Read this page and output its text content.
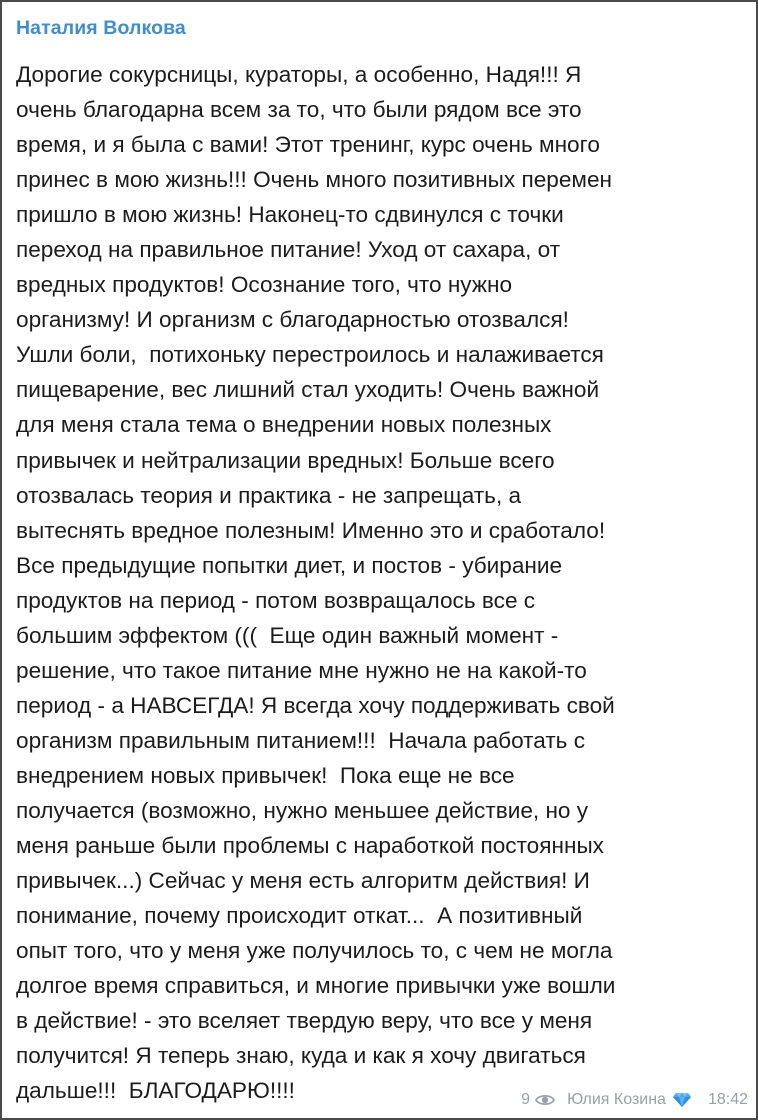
Наталия Волкова
Дорогие сокурсницы, кураторы, а особенно, Надя!!! Я
очень благодарна всем за то, что были рядом все это
время, и я была с вами! Этот тренинг, курс очень много
принес в мою жизнь!!! Очень много позитивных перемен
пришло в мою жизнь! Наконец-то сдвинулся с точки
переход на правильное питание! Уход от сахара, от
вредных продуктов! Осознание того, что нужно
организму! И организм с благодарностью отозвался!
Ушли боли,  потихоньку перестроилось и налаживается
пищеварение, вес лишний стал уходить! Очень важной
для меня стала тема о внедрении новых полезных
привычек и нейтрализации вредных! Больше всего
отозвалась теория и практика - не запрещать, а
вытеснять вредное полезным! Именно это и сработало!
Все предыдущие попытки диет, и постов - убирание
продуктов на период - потом возвращалось все с
большим эффектом (((  Еще один важный момент -
решение, что такое питание мне нужно не на какой-то
период - а НАВСЕГДА! Я всегда хочу поддерживать свой
организм правильным питанием!!!  Начала работать с
внедрением новых привычек!  Пока еще не все
получается (возможно, нужно меньшее действие, но у
меня раньше были проблемы с наработкой постоянных
привычек...) Сейчас у меня есть алгоритм действия! И
понимание, почему происходит откат...  А позитивный
опыт того, что у меня уже получилось то, с чем не могла
долгое время справиться, и многие привычки уже вошли
в действие! - это вселяет твердую веру, что все у меня
получится! Я теперь знаю, куда и как я хочу двигаться
дальше!!!  БЛАГОДАРЮ!!!!	9 Юлия Козина	18:42
